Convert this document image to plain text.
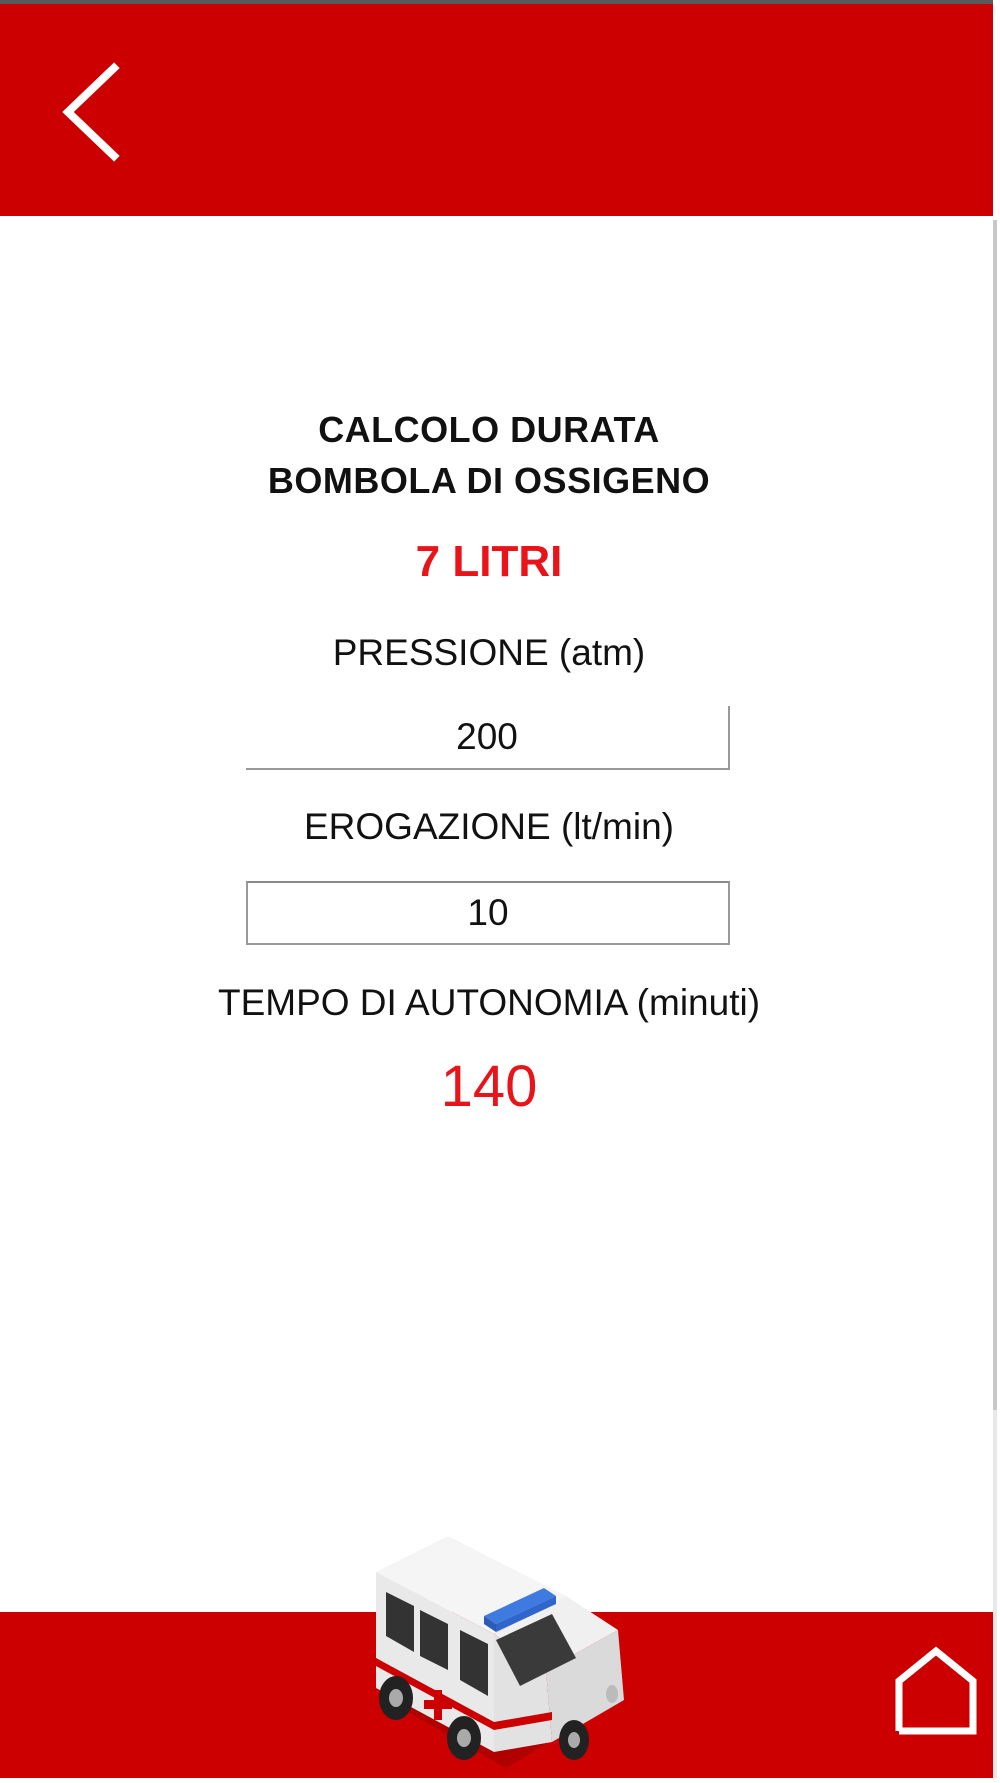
CALCOLO DURATA
BOMBOLA DI OSSIGENO
7 LITRI
PRESSIONE (atm)
200
EROGAZIONE (lt/min)
10
TEMPO DI AUTONOMIA (minuti)
140
